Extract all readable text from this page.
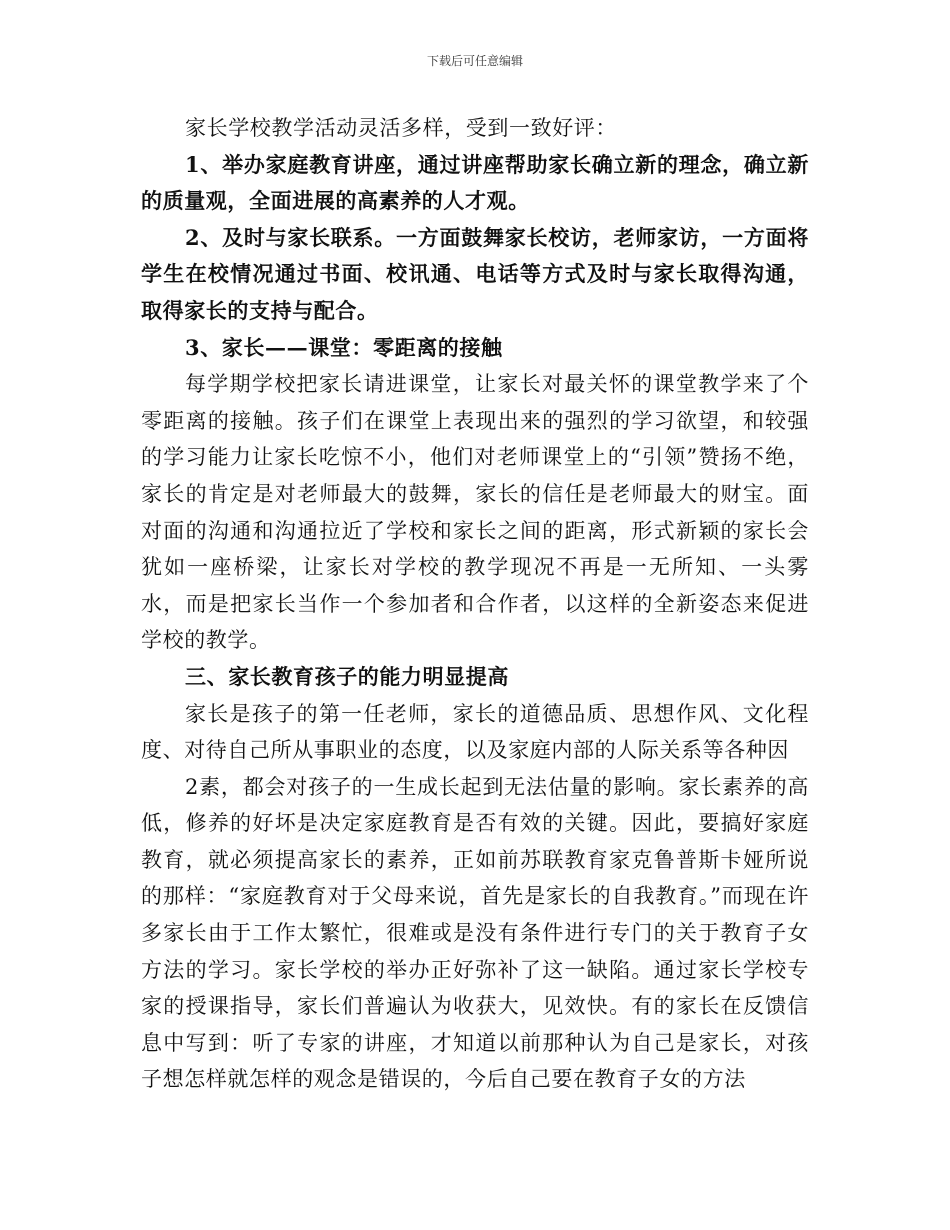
下载后可任意编辑

家长学校教学活动灵活多样，受到一致好评：

1、举办家庭教育讲座，通过讲座帮助家长确立新的理念，确立新的质量观，全面进展的高素养的人才观。

2、及时与家长联系。一方面鼓舞家长校访，老师家访，一方面将学生在校情况通过书面、校讯通、电话等方式及时与家长取得沟通，取得家长的支持与配合。

3、家长——课堂：零距离的接触

每学期学校把家长请进课堂，让家长对最关怀的课堂教学来了个零距离的接触。孩子们在课堂上表现出来的强烈的学习欲望，和较强的学习能力让家长吃惊不小，他们对老师课堂上的“引领”赞扬不绝，家长的肯定是对老师最大的鼓舞，家长的信任是老师最大的财宝。面对面的沟通和沟通拉近了学校和家长之间的距离，形式新颖的家长会犹如一座桥梁，让家长对学校的教学现况不再是一无所知、一头雾水，而是把家长当作一个参加者和合作者，以这样的全新姿态来促进学校的教学。

三、家长教育孩子的能力明显提高

家长是孩子的第一任老师，家长的道德品质、思想作风、文化程度、对待自己所从事职业的态度，以及家庭内部的人际关系等各种因

2素，都会对孩子的一生成长起到无法估量的影响。家长素养的高低，修养的好坏是决定家庭教育是否有效的关键。因此，要搞好家庭教育，就必须提高家长的素养，正如前苏联教育家克鲁普斯卡娅所说的那样：“家庭教育对于父母来说，首先是家长的自我教育。”而现在许多家长由于工作太繁忙，很难或是没有条件进行专门的关于教育子女方法的学习。家长学校的举办正好弥补了这一缺陷。通过家长学校专家的授课指导，家长们普遍认为收获大，见效快。有的家长在反馈信息中写到：听了专家的讲座，才知道以前那种认为自己是家长，对孩子想怎样就怎样的观念是错误的，今后自己要在教育子女的方法
